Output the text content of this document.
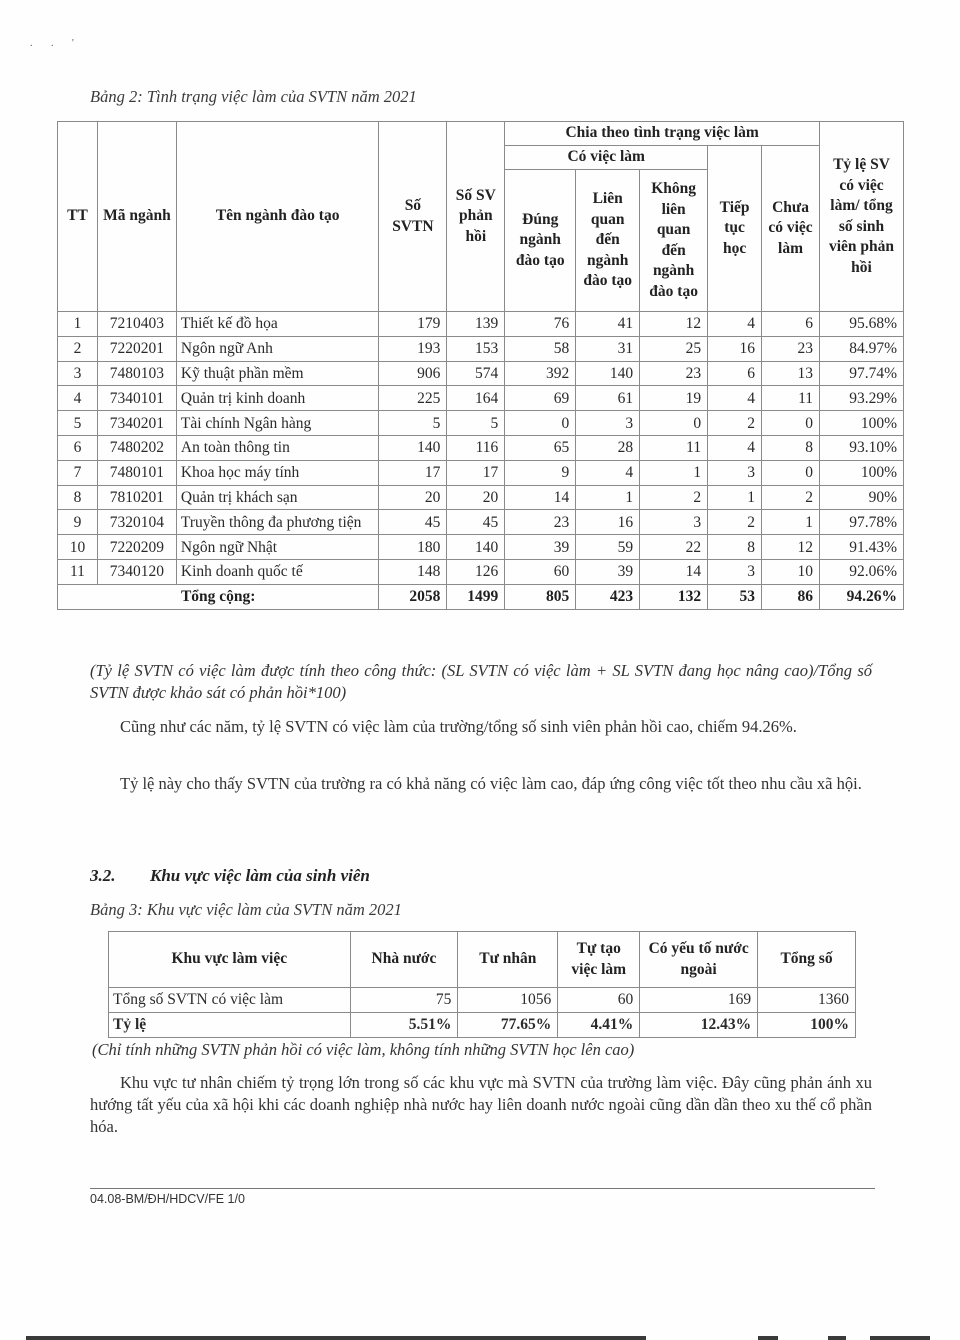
. . '
Bảng 2: Tình trạng việc làm của SVTN năm 2021
TT	Mã ngành	Tên ngành đào tạo	Số SVTN	Số SV phản hồi	Chia theo tình trạng việc làm					Tỷ lệ SV có việc làm/ tổng số sinh viên phản hồi
					Có việc làm			Tiếp tục học	Chưa có việc làm	
					Đúng ngành đào tạo	Liên quan đến ngành đào tạo	Không liên quan đến ngành đào tạo			
1	7210403	Thiết kế đồ họa	179	139	76	41	12	4	6	95.68%
2	7220201	Ngôn ngữ Anh	193	153	58	31	25	16	23	84.97%
3	7480103	Kỹ thuật phần mềm	906	574	392	140	23	6	13	97.74%
4	7340101	Quản trị kinh doanh	225	164	69	61	19	4	11	93.29%
5	7340201	Tài chính Ngân hàng	5	5	0	3	0	2	0	100%
6	7480202	An toàn thông tin	140	116	65	28	11	4	8	93.10%
7	7480101	Khoa học máy tính	17	17	9	4	1	3	0	100%
8	7810201	Quản trị khách sạn	20	20	14	1	2	1	2	90%
9	7320104	Truyền thông đa phương tiện	45	45	23	16	3	2	1	97.78%
10	7220209	Ngôn ngữ Nhật	180	140	39	59	22	8	12	91.43%
11	7340120	Kinh doanh quốc tế	148	126	60	39	14	3	10	92.06%
Tổng cộng:			2058	1499	805	423	132	53	86	94.26%
(Tỷ lệ SVTN có việc làm được tính theo công thức: (SL SVTN có việc làm + SL SVTN đang học nâng cao)/Tổng số SVTN được khảo sát có phản hồi*100)
Cũng như các năm, tỷ lệ SVTN có việc làm của trường/tổng số sinh viên phản hồi cao, chiếm 94.26%.
Tỷ lệ này cho thấy SVTN của trường ra có khả năng có việc làm cao, đáp ứng công việc tốt theo nhu cầu xã hội.
3.2. Khu vực việc làm của sinh viên
Bảng 3: Khu vực việc làm của SVTN năm 2021
Khu vực làm việc	Nhà nước	Tư nhân	Tự tạo việc làm	Có yếu tố nước ngoài	Tổng số
Tổng số SVTN có việc làm	75	1056	60	169	1360
Tỷ lệ	5.51%	77.65%	4.41%	12.43%	100%
(Chỉ tính những SVTN phản hồi có việc làm, không tính những SVTN học lên cao)
Khu vực tư nhân chiếm tỷ trọng lớn trong số các khu vực mà SVTN của trường làm việc. Đây cũng phản ánh xu hướng tất yếu của xã hội khi các doanh nghiệp nhà nước hay liên doanh nước ngoài cũng dần dần theo xu thế cổ phần hóa.
04.08-BM/ĐH/HDCV/FE 1/0
